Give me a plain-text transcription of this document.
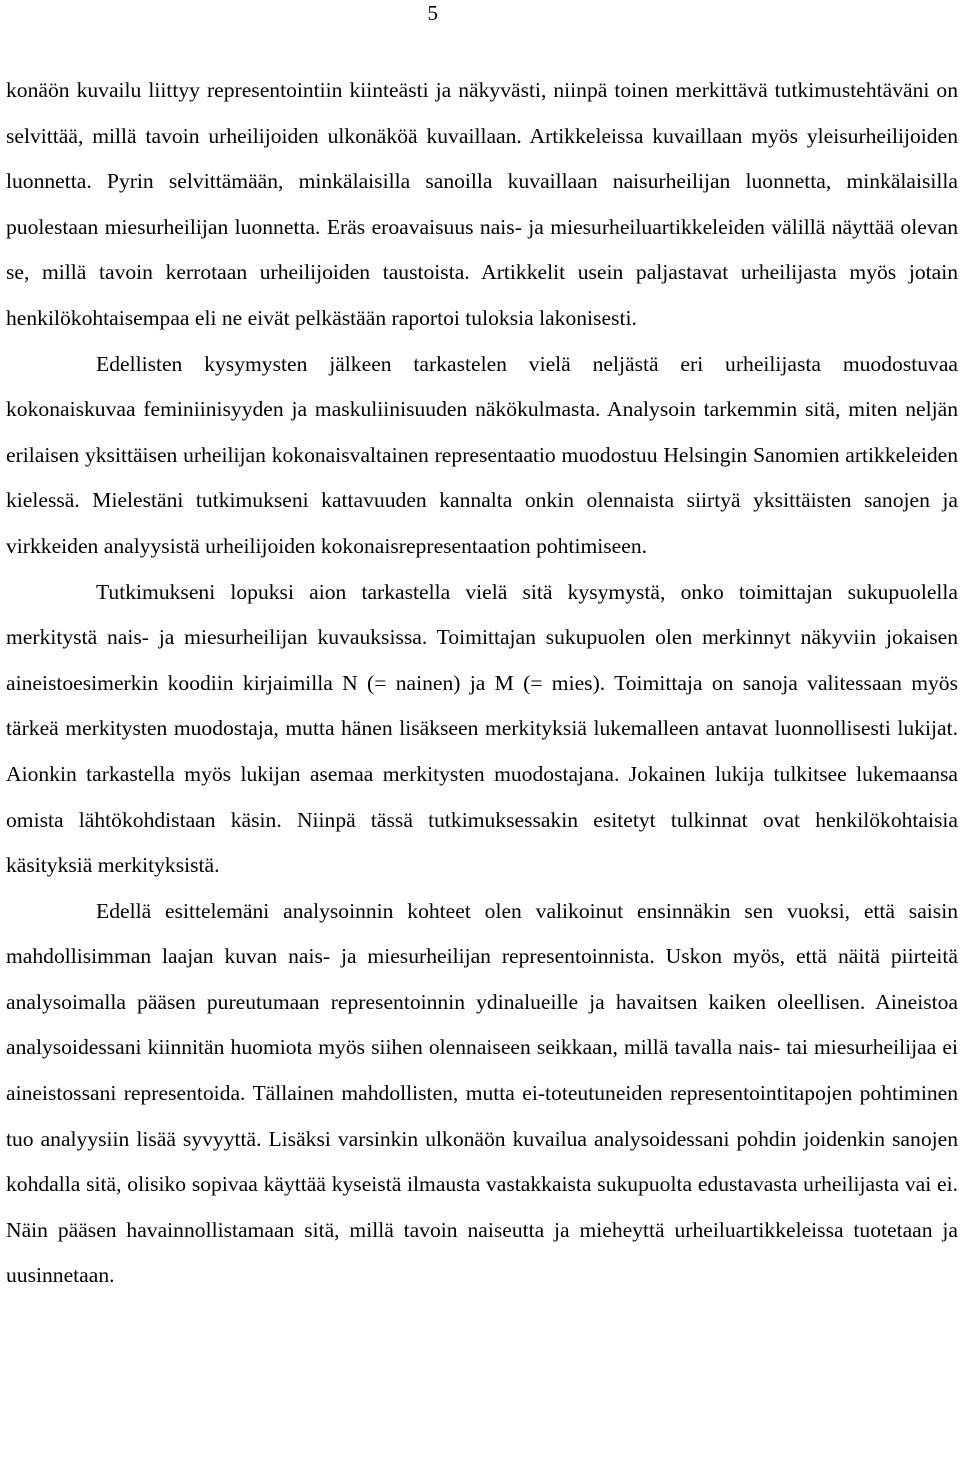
5

konäön kuvailu liittyy representointiin kiinteästi ja näkyvästi, niinpä toinen merkittävä tutkimustehtäväni on selvittää, millä tavoin urheilijoiden ulkonäköä kuvaillaan. Artikkeleissa kuvaillaan myös yleisurheilijoiden luonnetta. Pyrin selvittämään, minkälaisilla sanoilla kuvaillaan naisurheilijan luonnetta, minkälaisilla puolestaan miesurheilijan luonnetta. Eräs eroavaisuus nais- ja miesurheiluartikkeleiden välillä näyttää olevan se, millä tavoin kerrotaan urheilijoiden taustoista. Artikkelit usein paljastavat urheilijasta myös jotain henkilökohtaisempaa eli ne eivät pelkästään raportoi tuloksia lakonisesti.

Edellisten kysymysten jälkeen tarkastelen vielä neljästä eri urheilijasta muodostuvaa kokonaiskuvaa feminiinisyyden ja maskuliinisuuden näkökulmasta. Analysoin tarkemmin sitä, miten neljän erilaisen yksittäisen urheilijan kokonaisvaltainen representaatio muodostuu Helsingin Sanomien artikkeleiden kielessä. Mielestäni tutkimukseni kattavuuden kannalta onkin olennaista siirtyä yksittäisten sanojen ja virkkeiden analyysistä urheilijoiden kokonaisrepresentaation pohtimiseen.

Tutkimukseni lopuksi aion tarkastella vielä sitä kysymystä, onko toimittajan sukupuolella merkitystä nais- ja miesurheilijan kuvauksissa. Toimittajan sukupuolen olen merkinnyt näkyviin jokaisen aineistoesimerkin koodiin kirjaimilla N (= nainen) ja M (= mies). Toimittaja on sanoja valitessaan myös tärkeä merkitysten muodostaja, mutta hänen lisäkseen merkityksiä lukemalleen antavat luonnollisesti lukijat. Aionkin tarkastella myös lukijan asemaa merkitysten muodostajana. Jokainen lukija tulkitsee lukemaansa omista lähtökohdistaan käsin. Niinpä tässä tutkimuksessakin esitetyt tulkinnat ovat henkilökohtaisia käsityksiä merkityksistä.

Edellä esittelemäni analysoinnin kohteet olen valikoinut ensinnäkin sen vuoksi, että saisin mahdollisimman laajan kuvan nais- ja miesurheilijan representoinnista. Uskon myös, että näitä piirteitä analysoimalla pääsen pureutumaan representoinnin ydinalueille ja havaitsen kaiken oleellisen. Aineistoa analysoidessani kiinnitän huomiota myös siihen olennaiseen seikkaan, millä tavalla nais- tai miesurheilijaa ei aineistossani representoida. Tällainen mahdollisten, mutta ei-toteutuneiden representointitapojen pohtiminen tuo analyysiin lisää syvyyttä. Lisäksi varsinkin ulkonäön kuvailua analysoidessani pohdin joidenkin sanojen kohdalla sitä, olisiko sopivaa käyttää kyseistä ilmausta vastakkaista sukupuolta edustavasta urheilijasta vai ei. Näin pääsen havainnollistamaan sitä, millä tavoin naiseutta ja mieheyttä urheiluartikkeleissa tuotetaan ja uusinnetaan.
